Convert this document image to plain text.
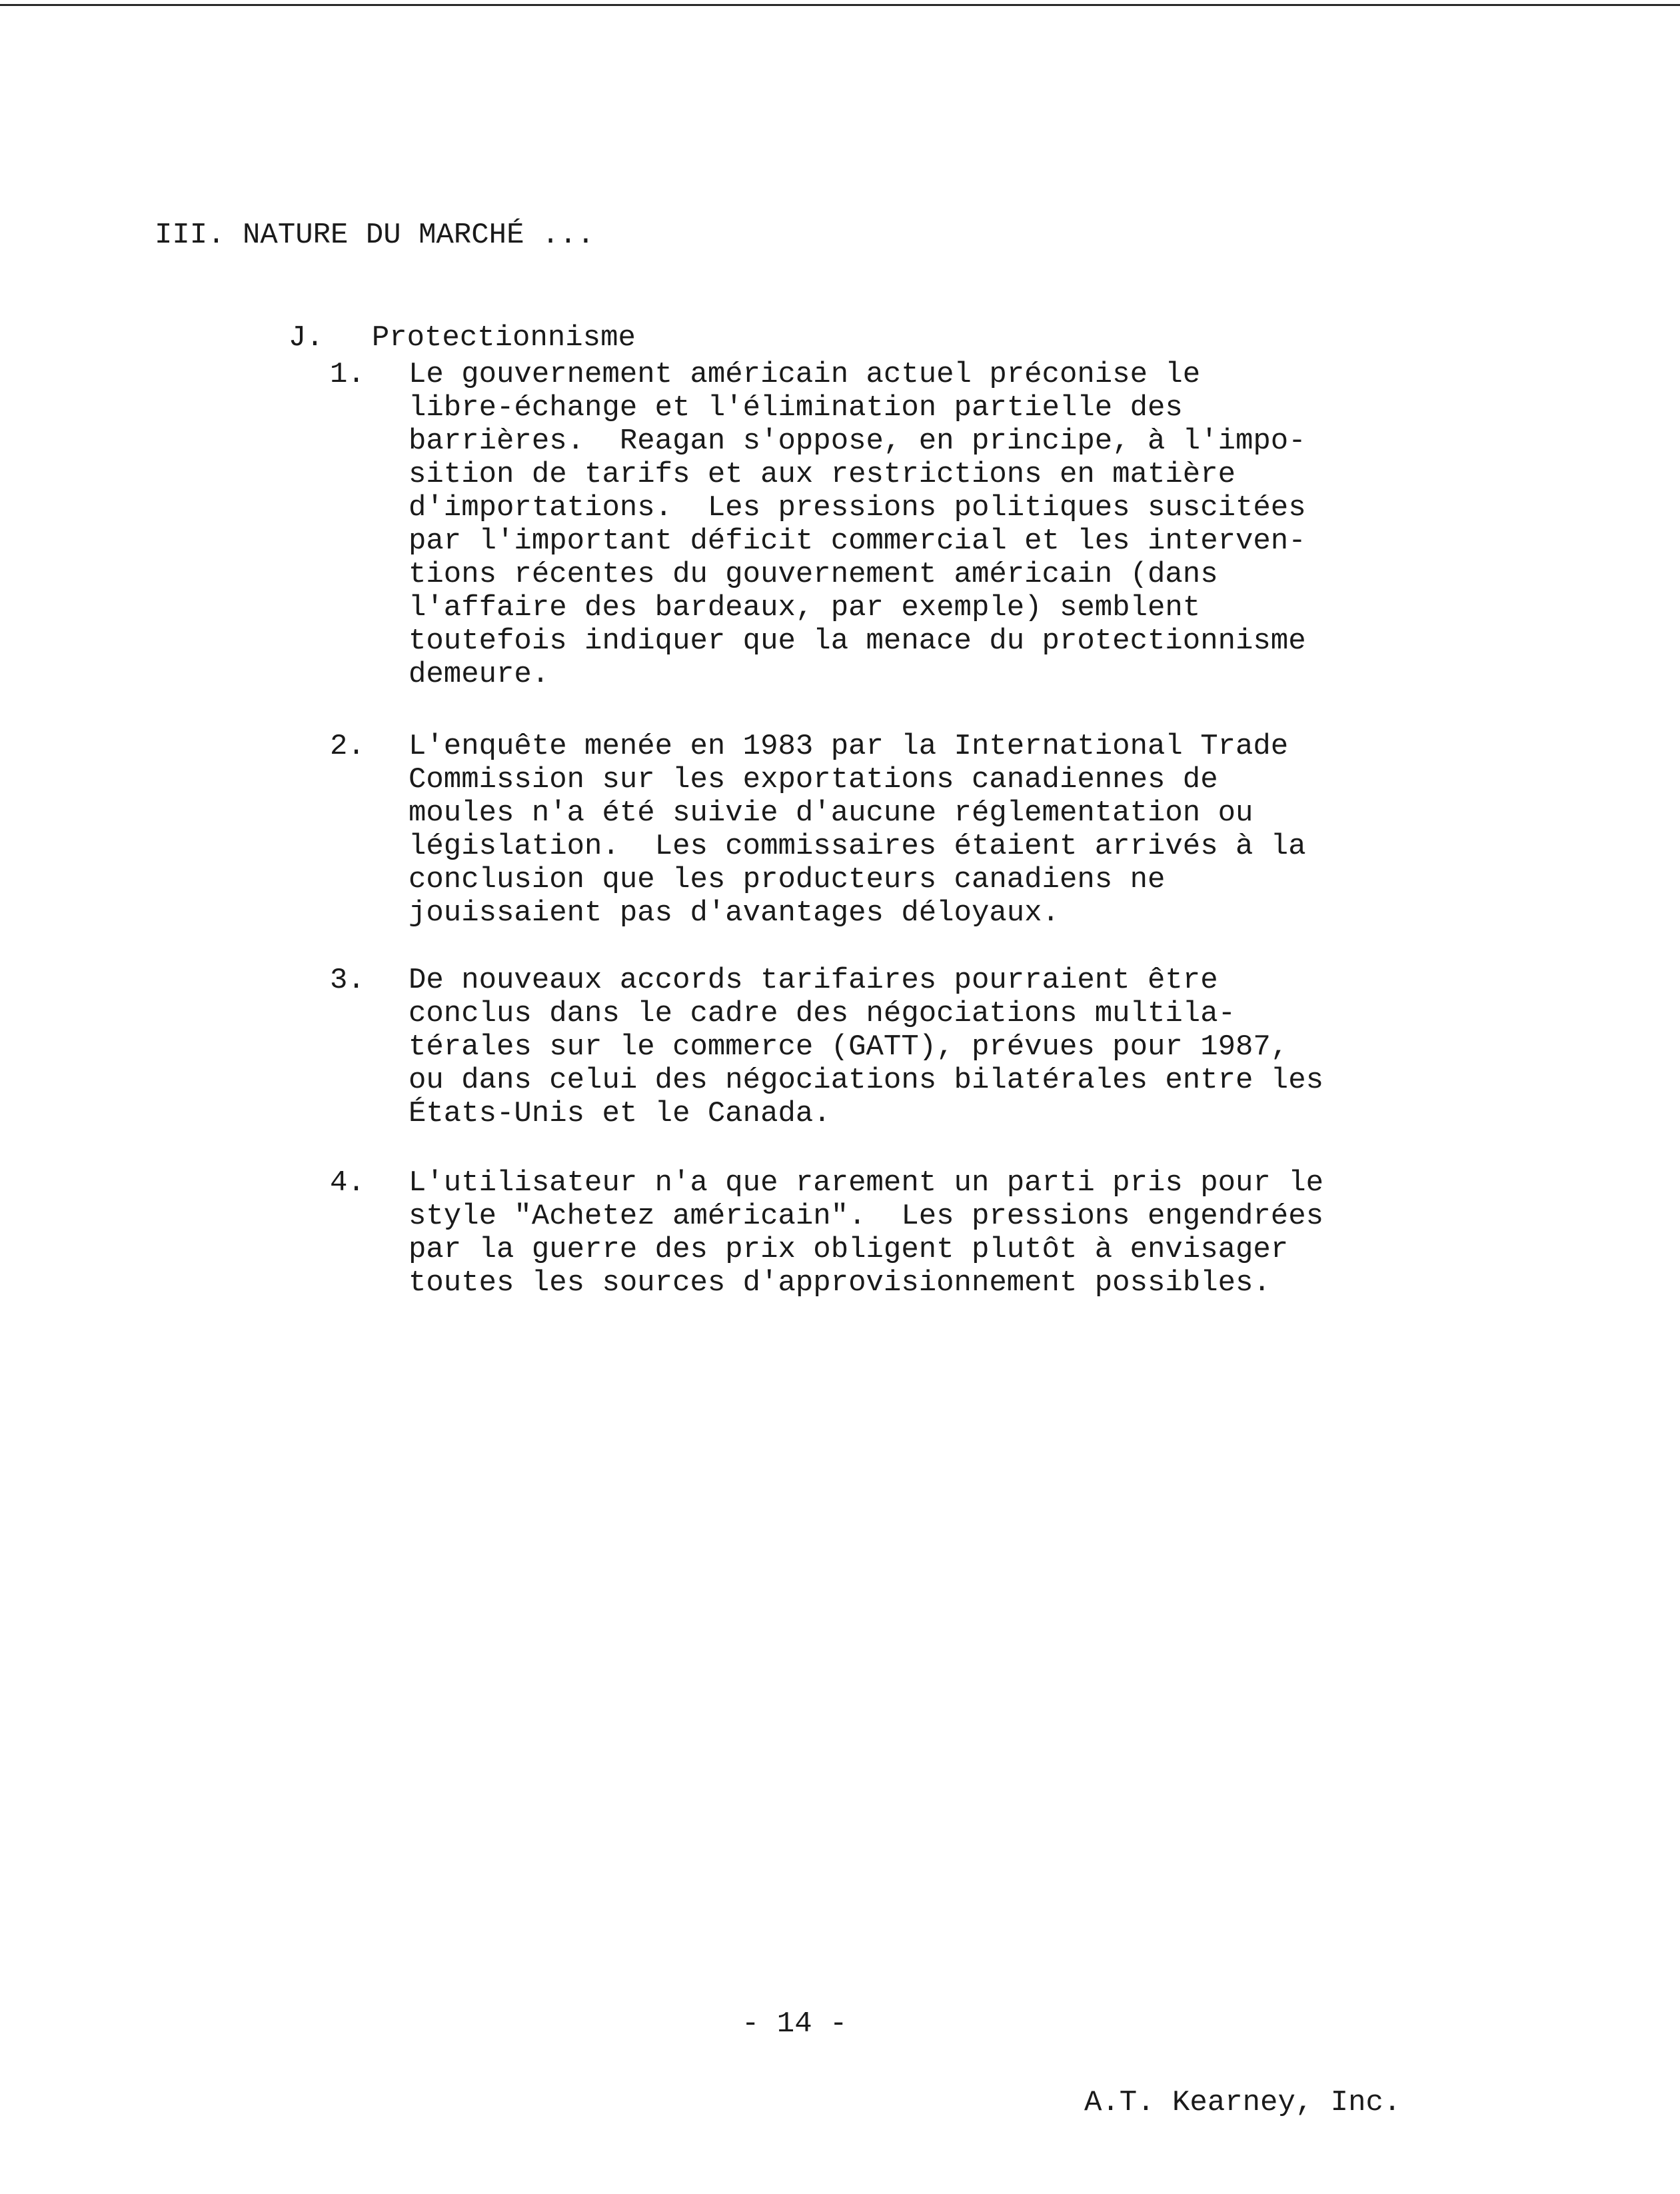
III. NATURE DU MARCHÉ ...

J. Protectionnisme

1.	Le gouvernement américain actuel préconise le
libre-échange et l'élimination partielle des
barrières.  Reagan s'oppose, en principe, à l'impo-
sition de tarifs et aux restrictions en matière
d'importations.  Les pressions politiques suscitées
par l'important déficit commercial et les interven-
tions récentes du gouvernement américain (dans
l'affaire des bardeaux, par exemple) semblent
toutefois indiquer que la menace du protectionnisme
demeure.
2.	L'enquête menée en 1983 par la International Trade
Commission sur les exportations canadiennes de
moules n'a été suivie d'aucune réglementation ou
législation.  Les commissaires étaient arrivés à la
conclusion que les producteurs canadiens ne
jouissaient pas d'avantages déloyaux.
3.	De nouveaux accords tarifaires pourraient être
conclus dans le cadre des négociations multila-
térales sur le commerce (GATT), prévues pour 1987,
ou dans celui des négociations bilatérales entre les
États-Unis et le Canada.
4.	L'utilisateur n'a que rarement un parti pris pour le
style "Achetez américain".  Les pressions engendrées
par la guerre des prix obligent plutôt à envisager
toutes les sources d'approvisionnement possibles.
- 14 -
A.T. Kearney, Inc.
